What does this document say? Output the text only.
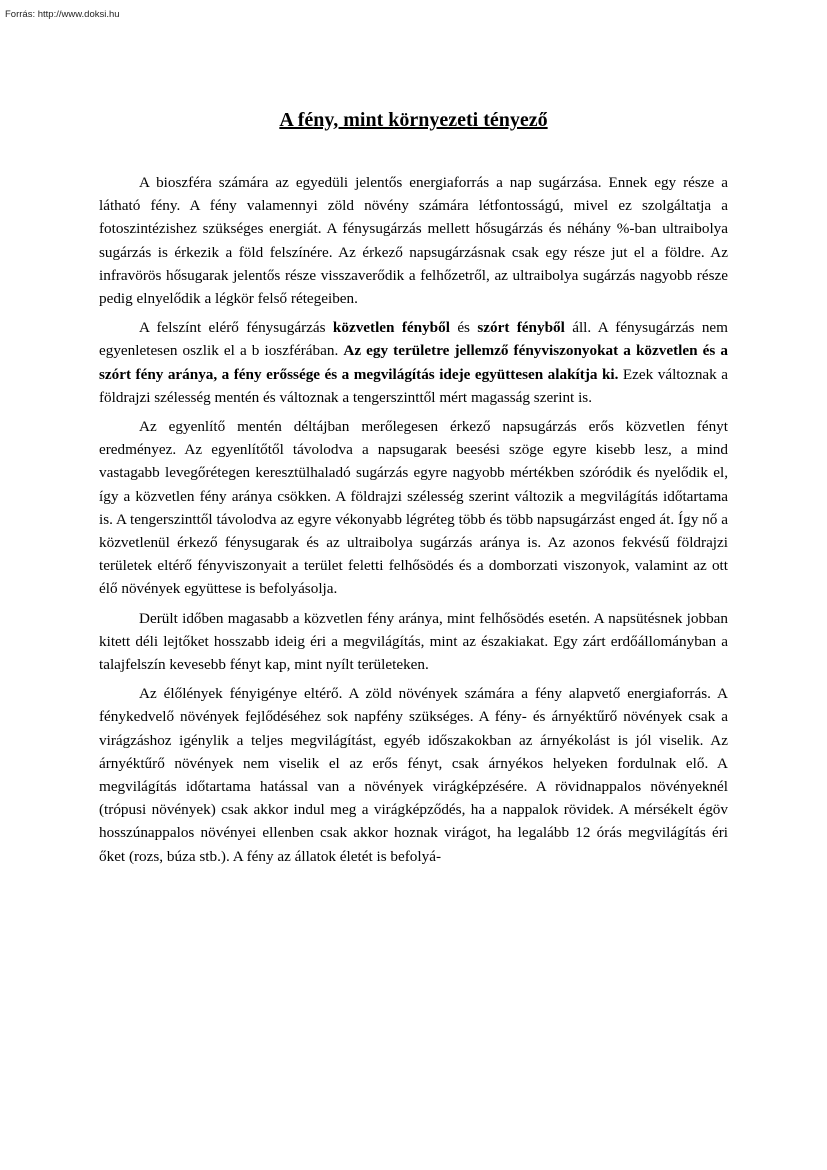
Forrás: http://www.doksi.hu
A fény, mint környezeti tényező

A bioszféra számára az egyedüli jelentős energiaforrás a nap sugárzása. Ennek egy része a látható fény. A fény valamennyi zöld növény számára létfontosságú, mivel ez szolgáltatja a fotoszintézishez szükséges energiát. A fénysugárzás mellett hősugárzás és néhány %-ban ultraibolya sugárzás is érkezik a föld felszínére. Az érkező napsugárzásnak csak egy része jut el a földre. Az infravörös hősugarak jelentős része visszaverődik a felhőzetről, az ultraibolya sugárzás nagyobb része pedig elnyelődik a légkör felső rétegeiben.

A felszínt elérő fénysugárzás közvetlen fényből és szórt fényből áll. A fénysugárzás nem egyenletesen oszlik el a b ioszférában. Az egy területre jellemző fényviszonyokat a közvetlen és a szórt fény aránya, a fény erőssége és a megvilágítás ideje együttesen alakítja ki. Ezek változnak a földrajzi szélesség mentén és változnak a tengerszinttől mért magasság szerint is.

Az egyenlítő mentén déltájban merőlegesen érkező napsugárzás erős közvetlen fényt eredményez. Az egyenlítőtől távolodva a napsugarak beesési szöge egyre kisebb lesz, a mind vastagabb levegőrétegen keresztülhaladó sugárzás egyre nagyobb mértékben szóródik és nyelődik el, így a közvetlen fény aránya csökken. A földrajzi szélesség szerint változik a megvilágítás időtartama is. A tengerszinttől távolodva az egyre vékonyabb légréteg több és több napsugárzást enged át. Így nő a közvetlenül érkező fénysugarak és az ultraibolya sugárzás aránya is. Az azonos fekvésű földrajzi területek eltérő fényviszonyait a terület feletti felhősödés és a domborzati viszonyok, valamint az ott élő növények együttese is befolyásolja.

Derült időben magasabb a közvetlen fény aránya, mint felhősödés esetén. A napsütésnek jobban kitett déli lejtőket hosszabb ideig éri a megvilágítás, mint az északiakat. Egy zárt erdőállományban a talajfelszín kevesebb fényt kap, mint nyílt területeken.

Az élőlények fényigénye eltérő. A zöld növények számára a fény alapvető energiaforrás. A fénykedvelő növények fejlődéséhez sok napfény szükséges. A fény- és árnyéktűrő növények csak a virágzáshoz igénylik a teljes megvilágítást, egyéb időszakokban az árnyékolást is jól viselik. Az árnyéktűrő növények nem viselik el az erős fényt, csak árnyékos helyeken fordulnak elő. A megvilágítás időtartama hatással van a növények virágképzésére. A rövidnappalos növényeknél (trópusi növények) csak akkor indul meg a virágképződés, ha a nappalok rövidek. A mérsékelt égöv hosszúnappalos növényei ellenben csak akkor hoznak virágot, ha legalább 12 órás megvilágítás éri őket (rozs, búza stb.). A fény az állatok életét is befolyá-
